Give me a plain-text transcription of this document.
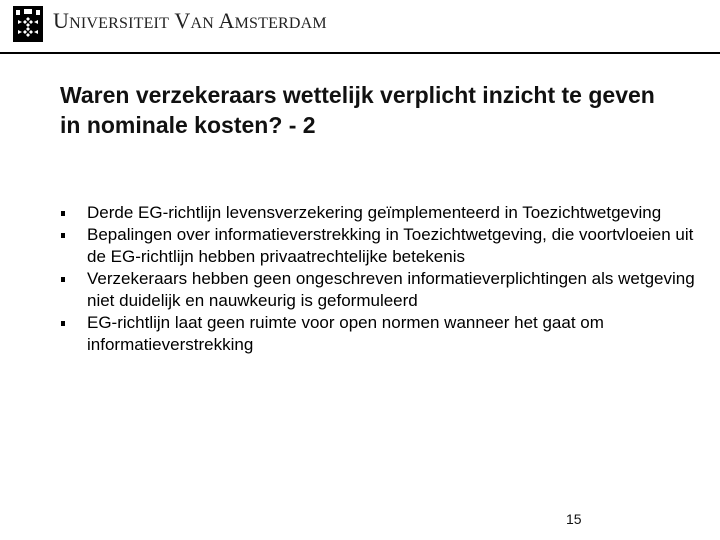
UNIVERSITEIT VAN AMSTERDAM
Waren verzekeraars wettelijk verplicht inzicht te geven in nominale kosten? - 2
Derde EG-richtlijn levensverzekering geïmplementeerd in Toezichtwetgeving
Bepalingen over informatieverstrekking in Toezichtwetgeving, die voortvloeien uit de EG-richtlijn hebben privaatrechtelijke betekenis
Verzekeraars hebben geen ongeschreven informatieverplichtingen als wetgeving niet duidelijk en nauwkeurig is geformuleerd
EG-richtlijn laat geen ruimte voor open normen wanneer het gaat om informatieverstrekking
15
